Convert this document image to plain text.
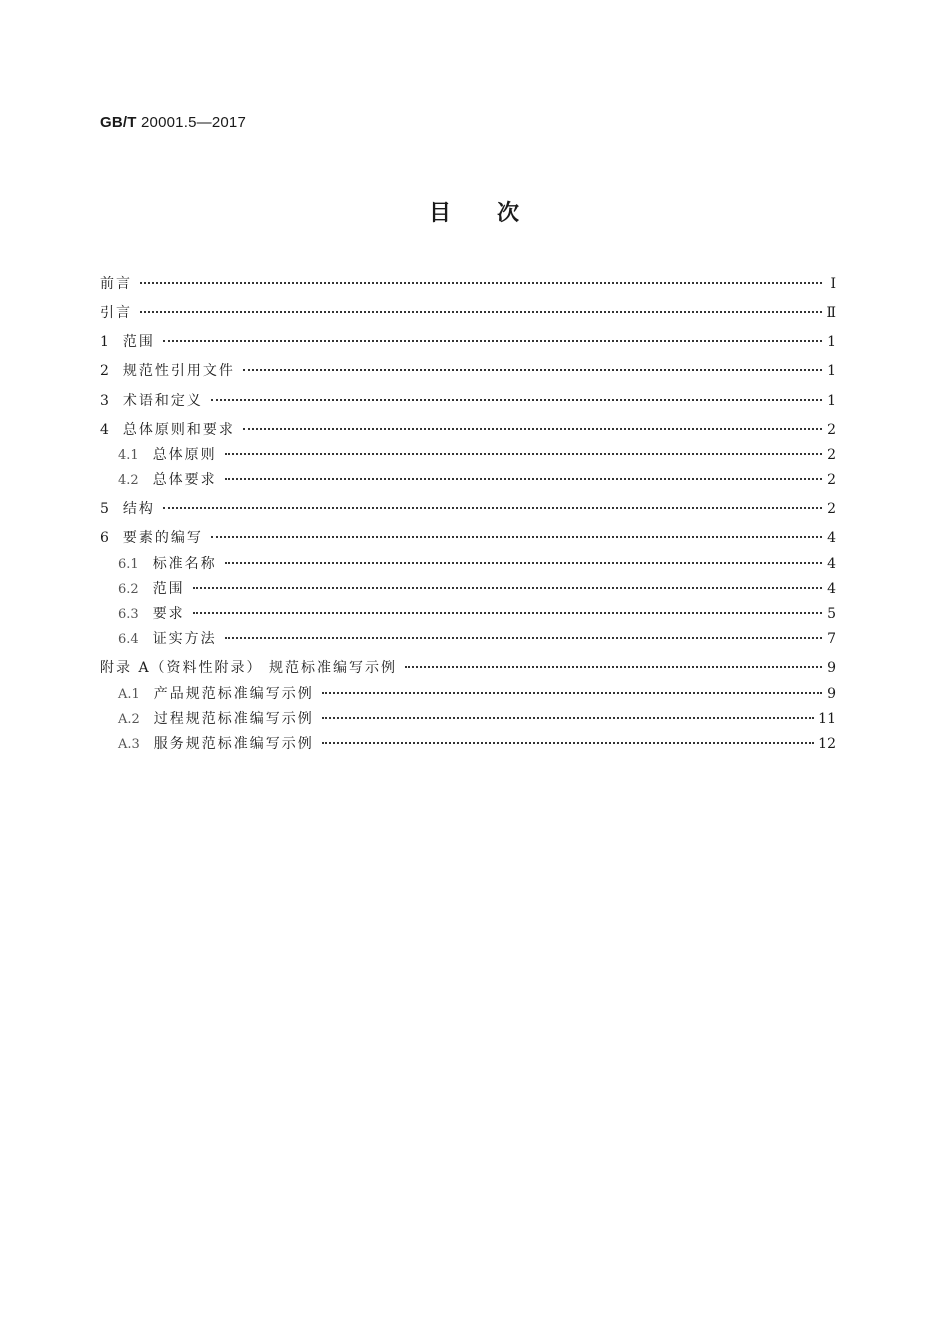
GB/T 20001.5—2017
目 次
前言	Ⅰ
引言	Ⅱ
1 范围	1
2 规范性引用文件	1
3 术语和定义	1
4 总体原则和要求	2
4.1 总体原则	2
4.2 总体要求	2
5 结构	2
6 要素的编写	4
6.1 标准名称	4
6.2 范围	4
6.3 要求	5
6.4 证实方法	7
附录 A（资料性附录） 规范标准编写示例	9
A.1 产品规范标准编写示例	9
A.2 过程规范标准编写示例	11
A.3 服务规范标准编写示例	12
